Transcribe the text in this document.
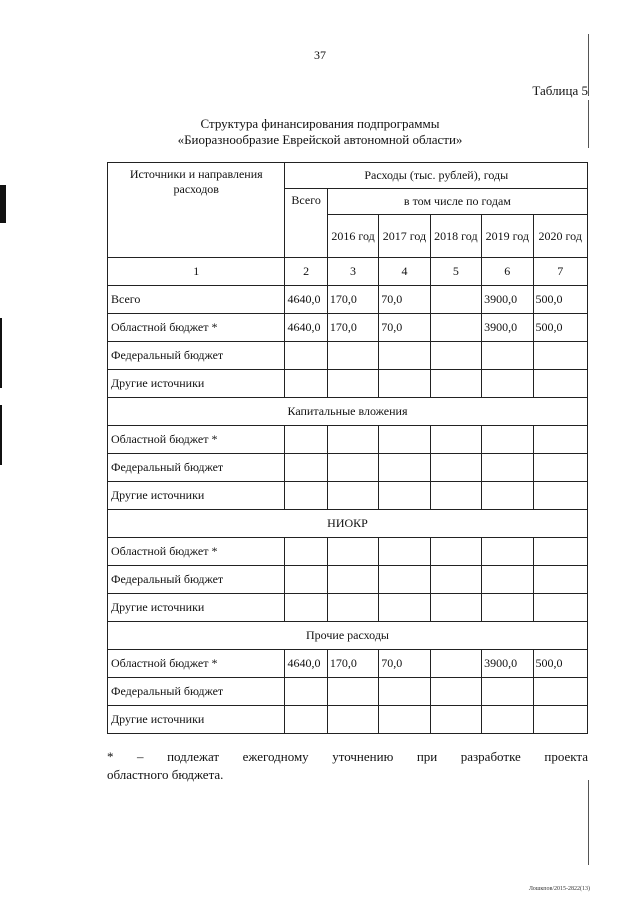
37
Таблица 5
Структура финансирования подпрограммы
«Биоразнообразие Еврейской автономной области»
Источники и направления расходов	Расходы (тыс. рублей), годы					
	Всего	в том числе по годам				
		2016 год	2017 год	2018 год	2019 год	2020 год
1	2	3	4	5	6	7
Всего	4640,0	170,0	70,0		3900,0	500,0
Областной бюджет *	4640,0	170,0	70,0		3900,0	500,0
Федеральный бюджет						
Другие источники						
Капитальные вложения						
Областной бюджет *						
Федеральный бюджет						
Другие источники						
НИОКР						
Областной бюджет *						
Федеральный бюджет						
Другие источники						
Прочие расходы						
Областной бюджет *	4640,0	170,0	70,0		3900,0	500,0
Федеральный бюджет						
Другие источники						
* – подлежат ежегодному уточнению при разработке проекта
областного бюджета.
Лошкпов/2015-2822(13)
